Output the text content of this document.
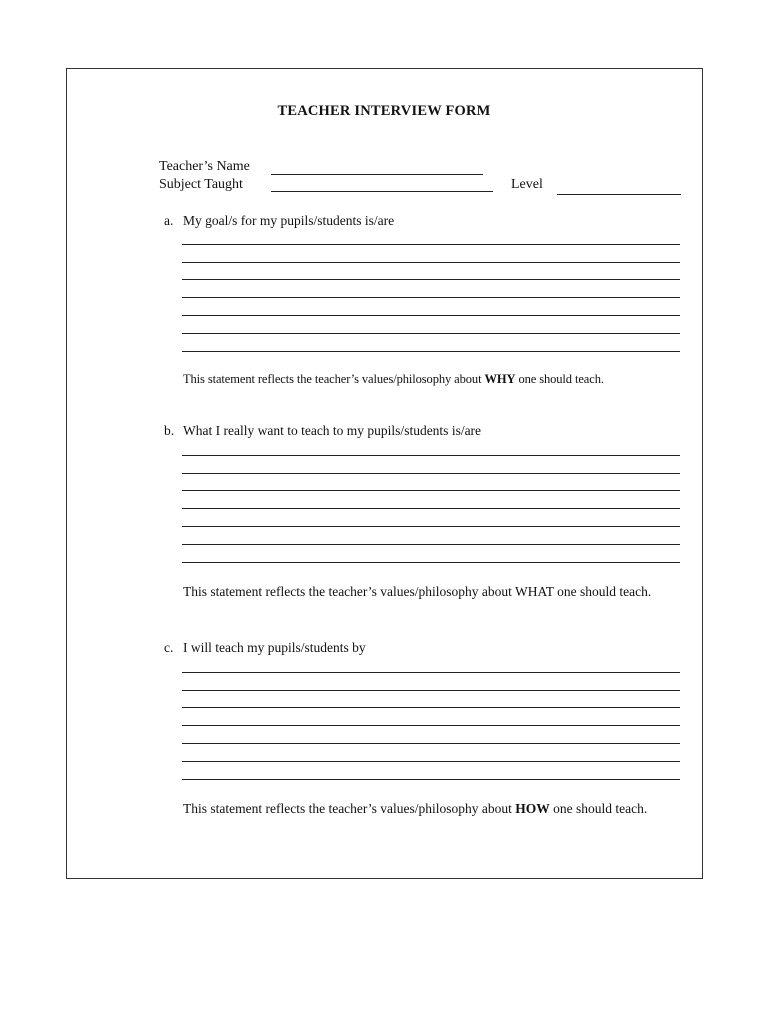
TEACHER INTERVIEW FORM
Teacher’s Name
Subject Taught	Level
a. My goal/s for my pupils/students is/are
This statement reflects the teacher’s values/philosophy about WHY one should teach.
b. What I really want to teach to my pupils/students is/are
This statement reflects the teacher’s values/philosophy about WHAT one should teach.
c. I will teach my pupils/students by
This statement reflects the teacher’s values/philosophy about HOW one should teach.
